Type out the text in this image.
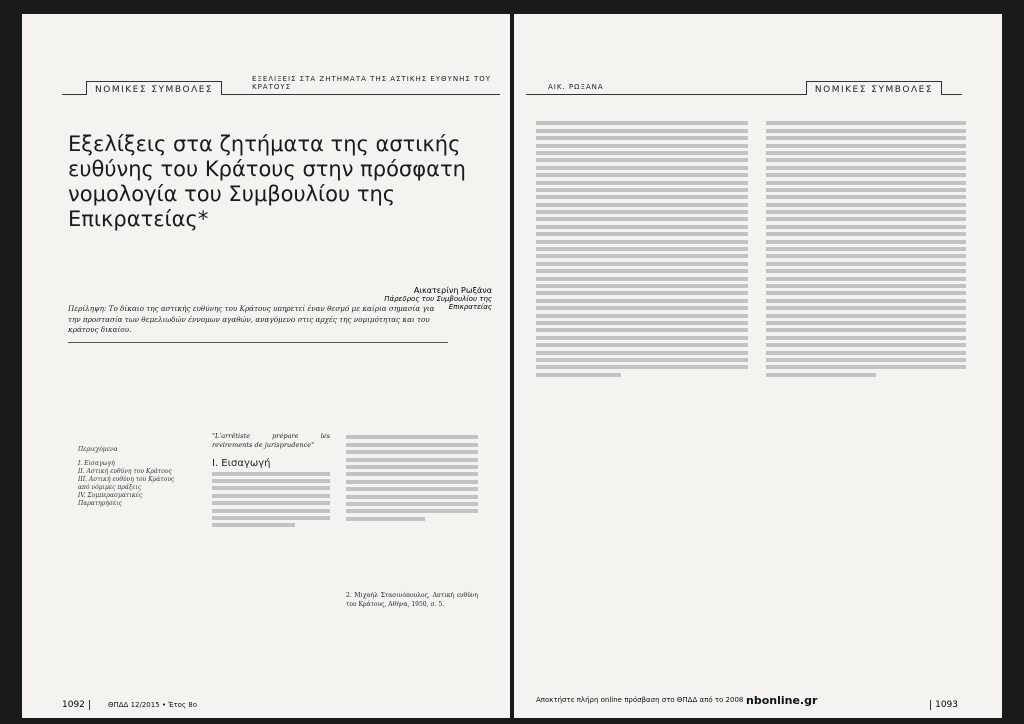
ΝΟΜΙΚΕΣ ΣΥΜΒΟΛΕΣ
ΕΞΕΛΙΞΕΙΣ ΣΤΑ ΖΗΤΗΜΑΤΑ ΤΗΣ ΑΣΤΙΚΗΣ ΕΥΘΥΝΗΣ ΤΟΥ ΚΡΑΤΟΥΣ
Εξελίξεις στα ζητήματα της αστικής ευθύνης του Κράτους στην πρόσφατη νομολογία του Συμβουλίου της Επικρατείας*
Αικατερίνη Ρωξάνα
Πάρεδρος του Συμβουλίου της Επικρατείας
Περίληψη: Το δίκαιο της αστικής ευθύνης του Κράτους υπηρετεί έναν θεσμό με καίρια σημασία για την προστασία των θεμελιωδών έννομων αγαθών, αναγόμενο στις αρχές της νομιμότητας και του κράτους δικαίου.
Περιεχόμενα
I. Εισαγωγή
II. Αστική ευθύνη του Κράτους
III. Αστική ευθύνη του Κράτους από νόμιμες πράξεις
IV. Συμπερασματικές Παρατηρήσεις
"L'arrêtiste prépare les revirements de jurisprudence"
I. Εισαγωγή
2. Μιχαήλ Στασινόπουλος, Αστική ευθύνη του Κράτους, Αθήνα, 1950, σ. 5.
1092	ΘΠΔΔ 12/2015 • Έτος 8ο
ΑΙΚ. ΡΩΞΑΝΑ	ΝΟΜΙΚΕΣ ΣΥΜΒΟΛΕΣ
Αποκτήστε πλήρη online πρόσβαση στο ΘΠΔΔ από το 2008 nbonline.gr	1093
